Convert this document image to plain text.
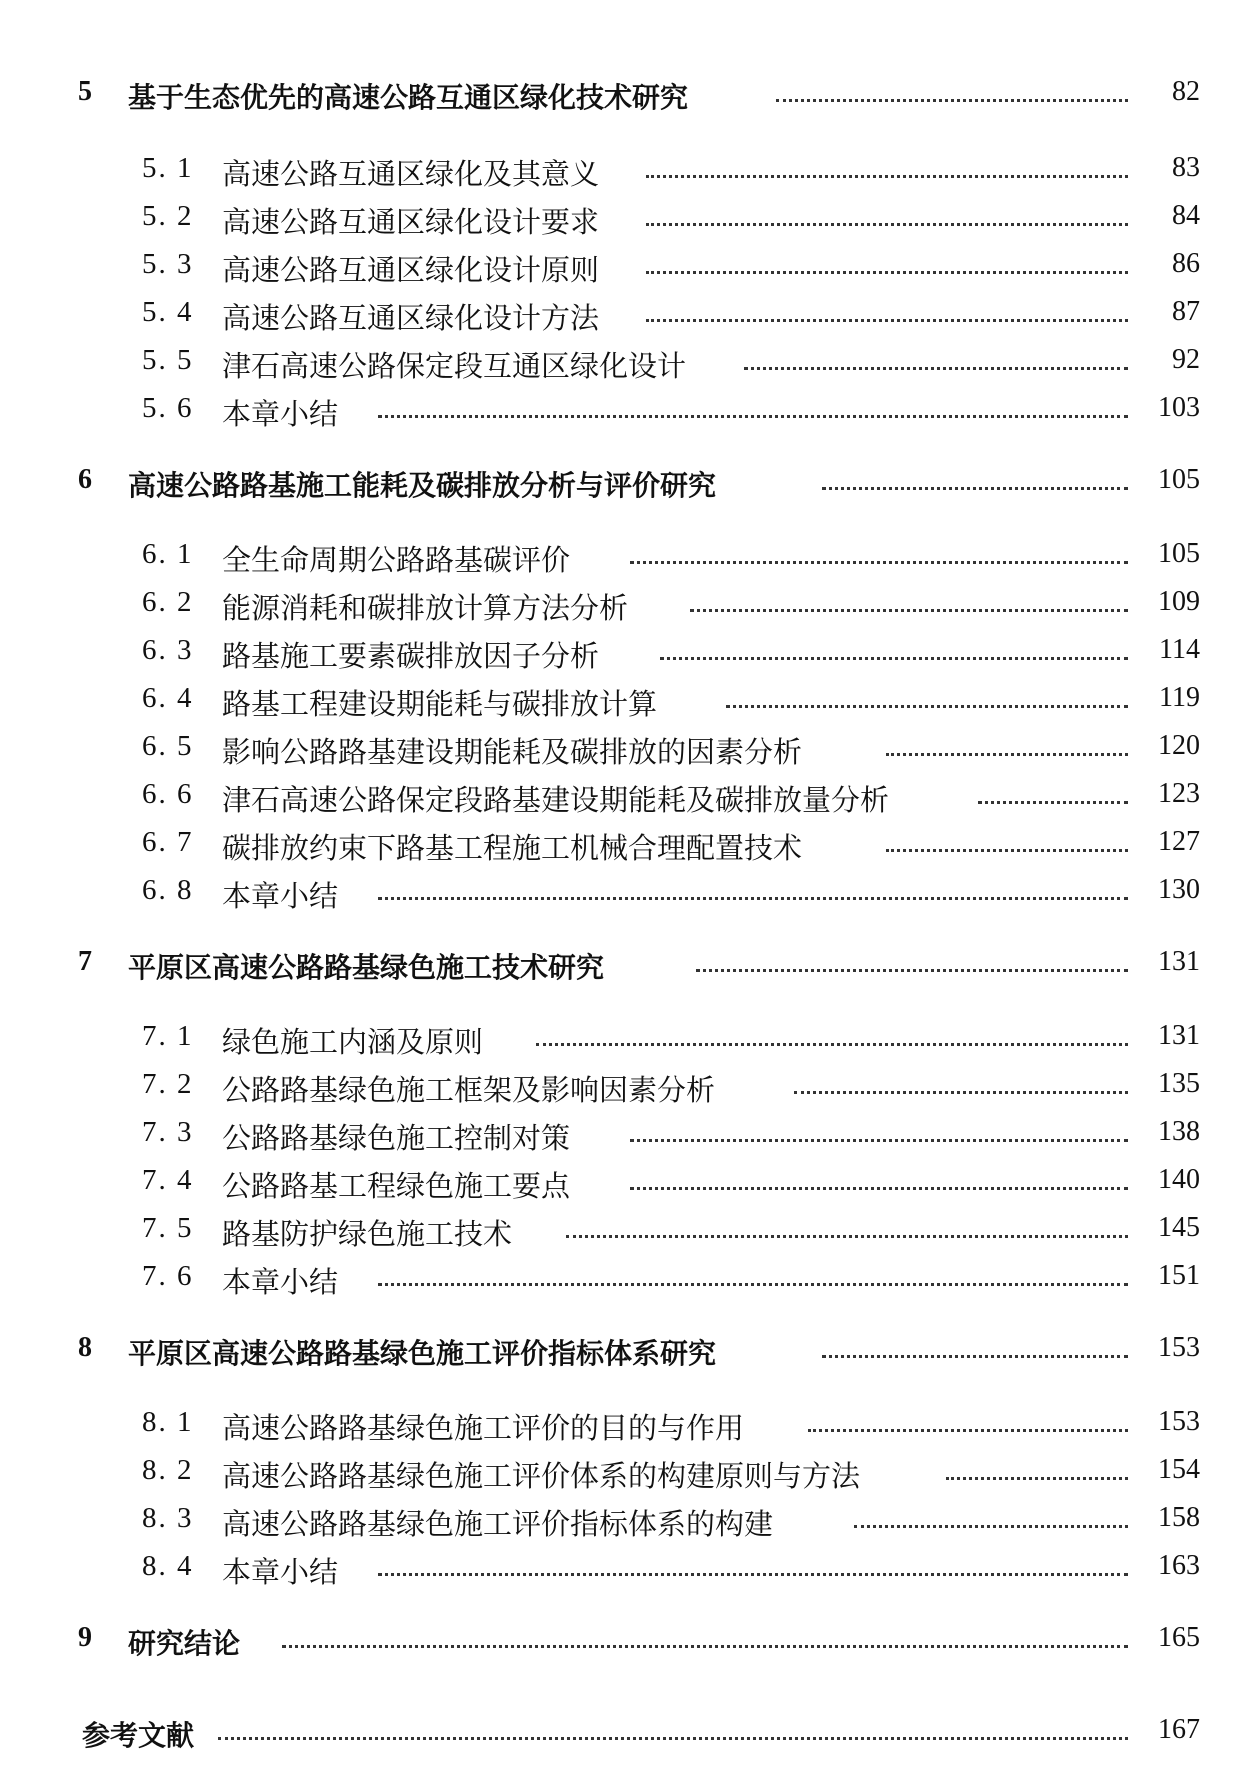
5 基于生态优先的高速公路互通区绿化技术研究	82
5. 1 高速公路互通区绿化及其意义	83
5. 2 高速公路互通区绿化设计要求	84
5. 3 高速公路互通区绿化设计原则	86
5. 4 高速公路互通区绿化设计方法	87
5. 5 津石高速公路保定段互通区绿化设计	92
5. 6 本章小结	103
6 高速公路路基施工能耗及碳排放分析与评价研究	105
6. 1 全生命周期公路路基碳评价	105
6. 2 能源消耗和碳排放计算方法分析	109
6. 3 路基施工要素碳排放因子分析	114
6. 4 路基工程建设期能耗与碳排放计算	119
6. 5 影响公路路基建设期能耗及碳排放的因素分析	120
6. 6 津石高速公路保定段路基建设期能耗及碳排放量分析	123
6. 7 碳排放约束下路基工程施工机械合理配置技术	127
6. 8 本章小结	130
7 平原区高速公路路基绿色施工技术研究	131
7. 1 绿色施工内涵及原则	131
7. 2 公路路基绿色施工框架及影响因素分析	135
7. 3 公路路基绿色施工控制对策	138
7. 4 公路路基工程绿色施工要点	140
7. 5 路基防护绿色施工技术	145
7. 6 本章小结	151
8 平原区高速公路路基绿色施工评价指标体系研究	153
8. 1 高速公路路基绿色施工评价的目的与作用	153
8. 2 高速公路路基绿色施工评价体系的构建原则与方法	154
8. 3 高速公路路基绿色施工评价指标体系的构建	158
8. 4 本章小结	163
9 研究结论	165
参考文献	167
